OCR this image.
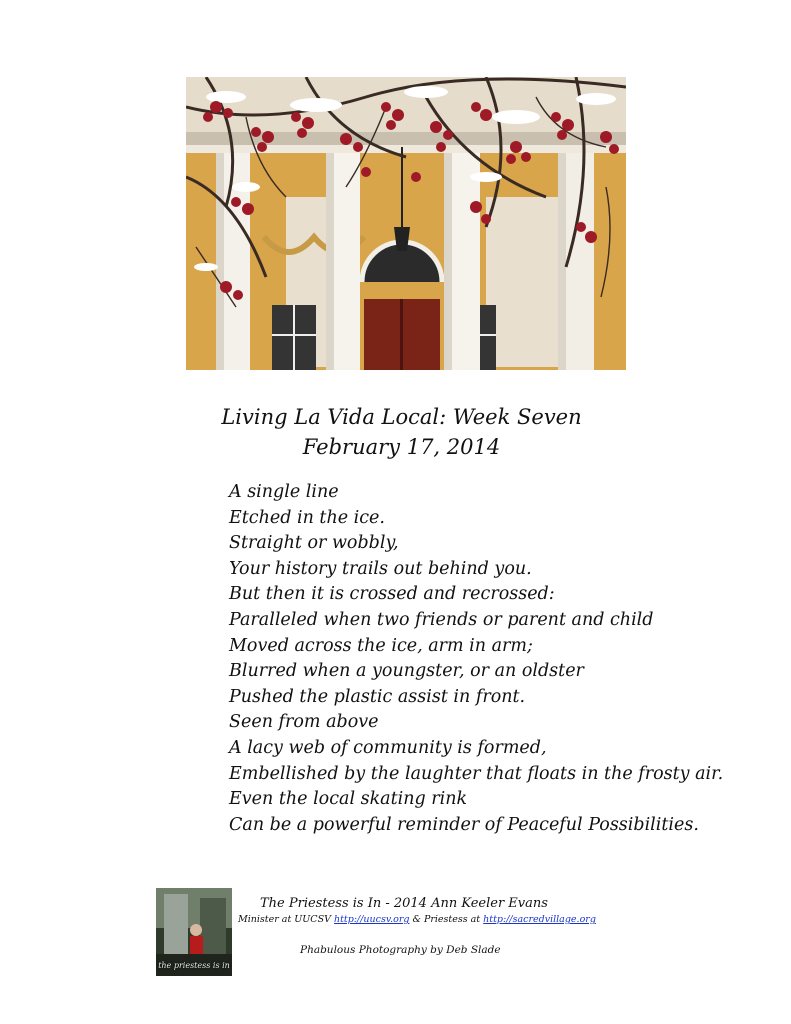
Living La Vida Local: Week Seven
February 17, 2014
A single line
Etched in the ice.
Straight or wobbly,
Your history trails out behind you.
But then it is crossed and recrossed:
Paralleled when two friends or parent and child
Moved across the ice, arm in arm;
Blurred when a youngster, or an oldster
Pushed the plastic assist in front.
Seen from above
A lacy web of community is formed,
Embellished by the laughter that floats in the frosty air.
Even the local skating rink
Can be a powerful reminder of Peaceful Possibilities.
the priestess is in
The Priestess is In - 2014 Ann Keeler Evans
Minister at UUCSV http://uucsv.org & Priestess at http://sacredvillage.org
Phabulous Photography by Deb Slade
